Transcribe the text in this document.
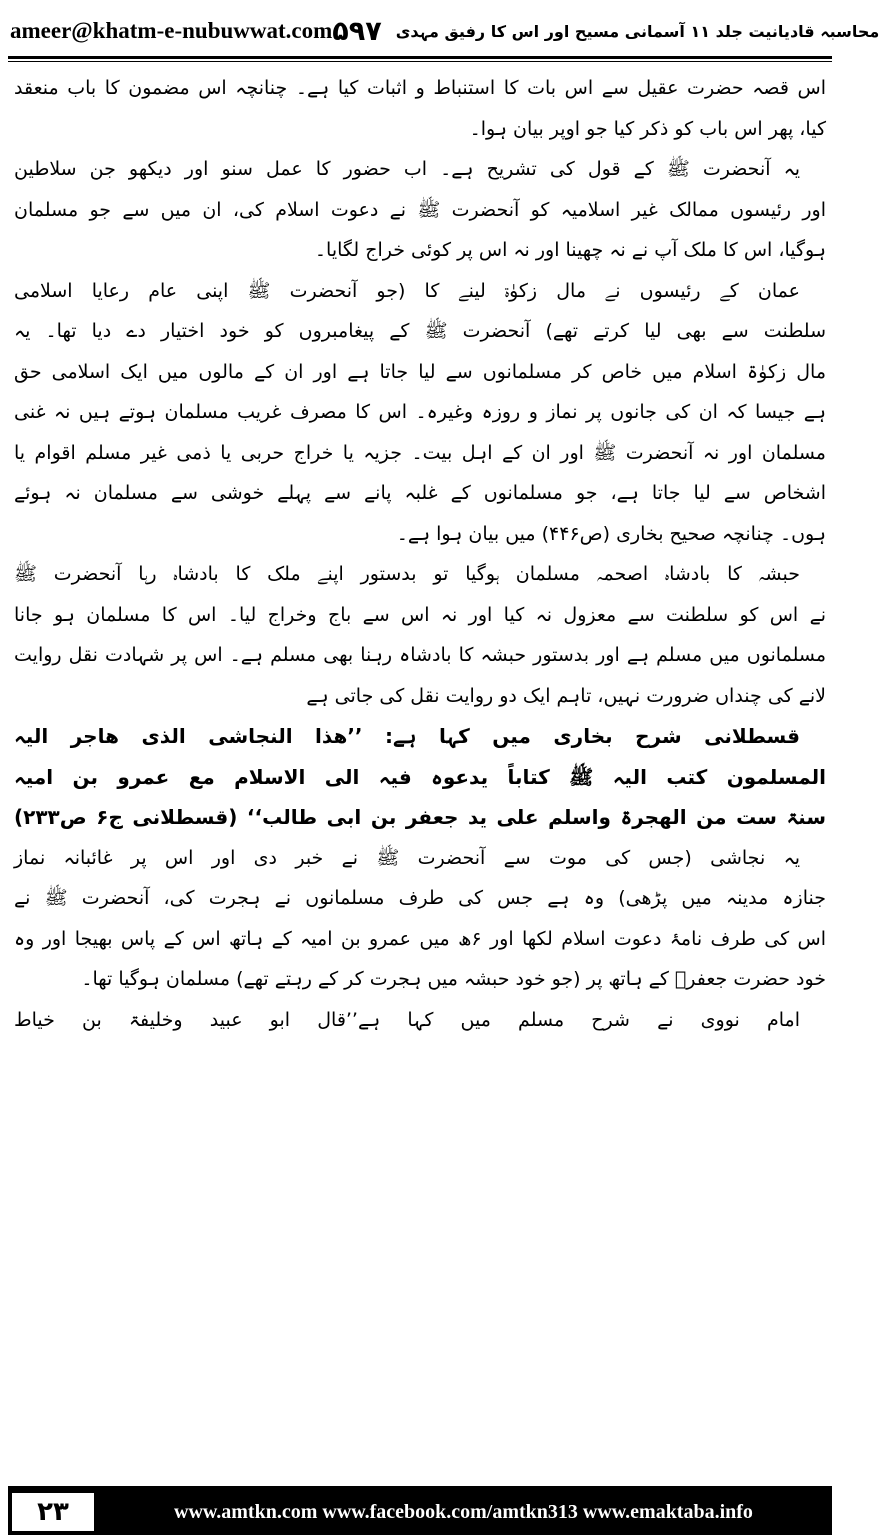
ameer@khatm-e-nubuwwat.com	محاسبہ قادیانیت جلد ۱۱ آسمانی مسیح اور اس کا رفیق مہدی
۵۹۷
اس قصہ حضرت عقیل سے اس بات کا استنباط و اثبات کیا ہے۔ چنانچہ اس مضمون کا باب منعقد
کیا، پھر اس باب کو ذکر کیا جو اوپر بیان ہوا۔
یہ آنحضرت ﷺ کے قول کی تشریح ہے۔ اب حضور کا عمل سنو اور دیکھو جن سلاطین
اور رئیسوں ممالک غیر اسلامیہ کو آنحضرت ﷺ نے دعوت اسلام کی، ان میں سے جو مسلمان
ہوگیا، اس کا ملک آپ نے نہ چھینا اور نہ اس پر کوئی خراج لگایا۔
عمان کے رئیسوں نے مال زکوٰۃ لینے کا (جو آنحضرت ﷺ اپنی عام رعایا اسلامی
سلطنت سے بھی لیا کرتے تھے) آنحضرت ﷺ کے پیغامبروں کو خود اختیار دے دیا تھا۔ یہ
مال زکوٰۃ اسلام میں خاص کر مسلمانوں سے لیا جاتا ہے اور ان کے مالوں میں ایک اسلامی حق
ہے جیسا کہ ان کی جانوں پر نماز و روزہ وغیرہ۔ اس کا مصرف غریب مسلمان ہوتے ہیں نہ غنی
مسلمان اور نہ آنحضرت ﷺ اور ان کے اہل بیت۔ جزیہ یا خراج حربی یا ذمی غیر مسلم اقوام یا
اشخاص سے لیا جاتا ہے، جو مسلمانوں کے غلبہ پانے سے پہلے خوشی سے مسلمان نہ ہوئے
ہوں۔ چنانچہ صحیح بخاری (ص۴۴۶) میں بیان ہوا ہے۔
حبشہ کا بادشاہ اصحمہ مسلمان ہوگیا تو بدستور اپنے ملک کا بادشاہ رہا آنحضرت ﷺ
نے اس کو سلطنت سے معزول نہ کیا اور نہ اس سے باج وخراج لیا۔ اس کا مسلمان ہو جانا
مسلمانوں میں مسلم ہے اور بدستور حبشہ کا بادشاہ رہنا بھی مسلم ہے۔ اس پر شہادت نقل روایت
لانے کی چنداں ضرورت نہیں، تاہم ایک دو روایت نقل کی جاتی ہے
قسطلانی شرح بخاری میں کہا ہے: ’’ھذا النجاشی الذی ھاجر الیہ
المسلمون کتب الیہ ﷺ کتاباً یدعوہ فیہ الی الاسلام مع عمرو بن امیہ
سنۃ ست من الھجرۃ واسلم علی ید جعفر بن ابی طالب‘‘ (قسطلانی ج۶ ص۲۳۳)
یہ نجاشی (جس کی موت سے آنحضرت ﷺ نے خبر دی اور اس پر غائبانہ نماز
جنازہ مدینہ میں پڑھی) وہ ہے جس کی طرف مسلمانوں نے ہجرت کی، آنحضرت ﷺ نے
اس کی طرف نامۂ دعوت اسلام لکھا اور ۶ھ میں عمرو بن امیہ کے ہاتھ اس کے پاس بھیجا اور وہ
خود حضرت جعفرؓ کے ہاتھ پر (جو خود حبشہ میں ہجرت کر کے رہتے تھے) مسلمان ہوگیا تھا۔
امام نووی نے شرح مسلم میں کہا ہے’’قال ابو عبید وخلیفۃ بن خیاط
۲۳	www.amtkn.com www.facebook.com/amtkn313 www.emaktaba.info
